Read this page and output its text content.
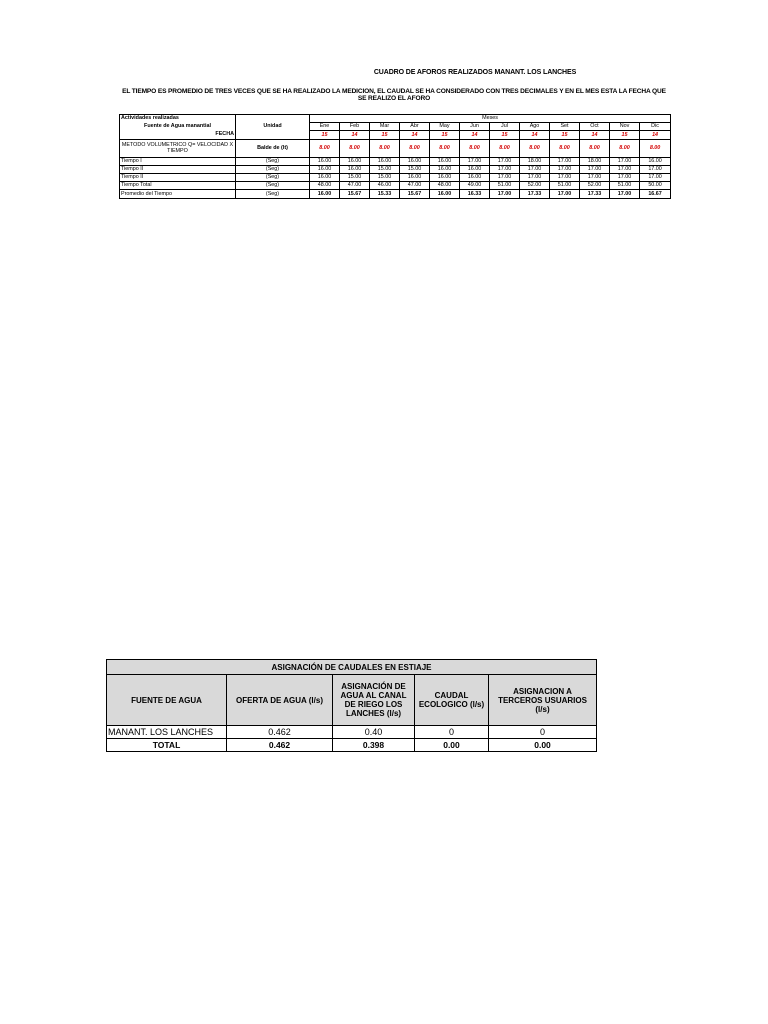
CUADRO DE AFOROS REALIZADOS MANANT. LOS LANCHES
EL TIEMPO ES PROMEDIO DE TRES VECES QUE SE HA REALIZADO LA MEDICION, EL CAUDAL SE HA CONSIDERADO CON TRES DECIMALES Y EN EL MES ESTA LA FECHA QUE SE REALIZO EL AFORO
Actividades realizadas	Unidad	Meses											
Fuente de Agua manantial		Ene	Feb	Mar	Abr	May	Jun	Jul	Ago	Set	Oct	Nov	Dic
FECHA		15	14	15	14	15	14	15	14	15	14	15	14
METODO VOLUMETRICO Q= VELOCIDAD X TIEMPO	Balde de (lt)	8.00	8.00	8.00	8.00	8.00	8.00	8.00	8.00	8.00	8.00	8.00	8.00
Tiempo I	(Seg)	16.00	16.00	16.00	16.00	16.00	17.00	17.00	18.00	17.00	18.00	17.00	16.00
Tiempo II	(Seg)	16.00	16.00	15.00	15.00	16.00	16.00	17.00	17.00	17.00	17.00	17.00	17.00
Tiempo II	(Seg)	16.00	15.00	15.00	16.00	16.00	16.00	17.00	17.00	17.00	17.00	17.00	17.00
Tiempo Total	(Seg)	48.00	47.00	46.00	47.00	48.00	49.00	51.00	52.00	51.00	52.00	51.00	50.00
Promedio del Tiempo	(Seg)	16.00	15.67	15.33	15.67	16.00	16.33	17.00	17.33	17.00	17.33	17.00	16.67
ASIGNACIÓN DE CAUDALES EN ESTIAJE				
FUENTE DE AGUA	OFERTA DE AGUA (l/s)	ASIGNACIÓN DE AGUA AL CANAL DE RIEGO LOS LANCHES (l/s)	CAUDAL ECOLOGICO (l/s)	ASIGNACION A TERCEROS USUARIOS (l/s)
MANANT. LOS LANCHES	0.462	0.40	0	0
TOTAL	0.462	0.398	0.00	0.00
